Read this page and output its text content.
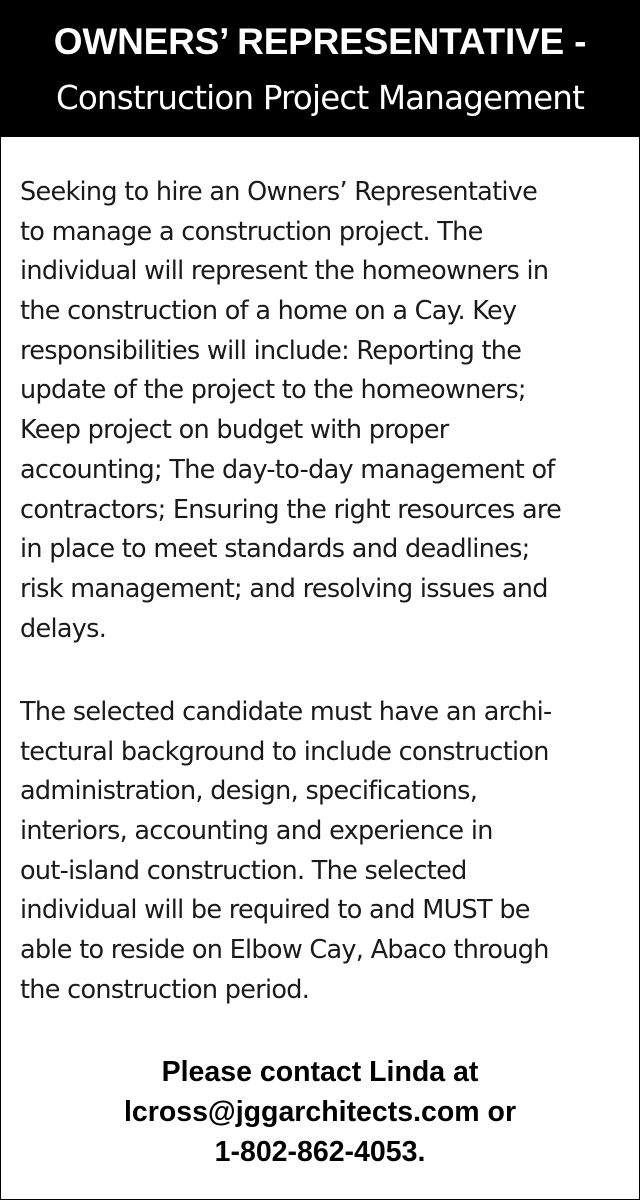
OWNERS’ REPRESENTATIVE -
Construction Project Management
Seeking to hire an Owners’ Representative
to manage a construction project. The
individual will represent the homeowners in
the construction of a home on a Cay. Key
responsibilities will include: Reporting the
update of the project to the homeowners;
Keep project on budget with proper
accounting; The day-to-day management of
contractors; Ensuring the right resources are
in place to meet standards and deadlines;
risk management; and resolving issues and
delays.
The selected candidate must have an archi-
tectural background to include construction
administration, design, specifications,
interiors, accounting and experience in
out-island construction. The selected
individual will be required to and MUST be
able to reside on Elbow Cay, Abaco through
the construction period.
Please contact Linda at
lcross@jggarchitects.com or
1-802-862-4053.
